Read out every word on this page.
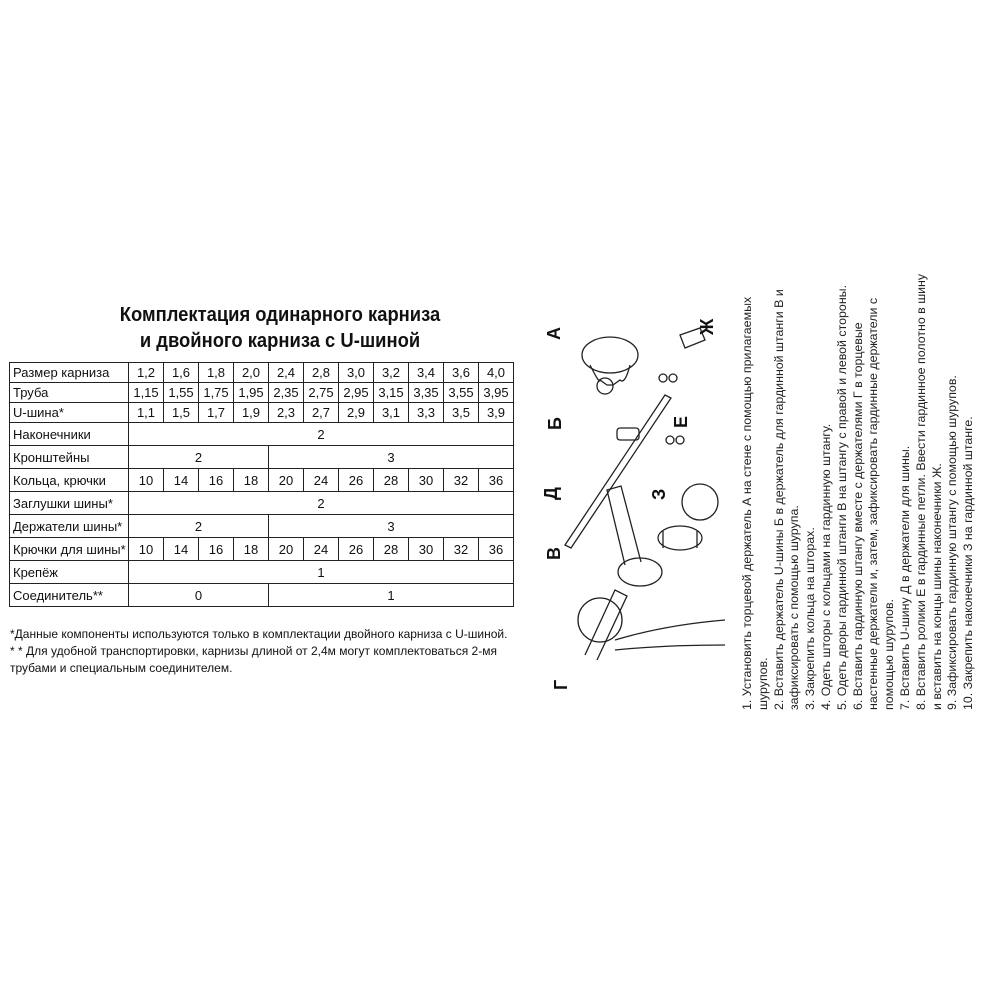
Комплектация одинарного карниза
и двойного карниза с U-шиной
Размер карниза	1,2	1,6	1,8	2,0	2,4	2,8	3,0	3,2	3,4	3,6	4,0
Труба	1,15	1,55	1,75	1,95	2,35	2,75	2,95	3,15	3,35	3,55	3,95
U-шина*	1,1	1,5	1,7	1,9	2,3	2,7	2,9	3,1	3,3	3,5	3,9
Наконечники	2										
Кронштейны	2				3						
Кольца, крючки	10	14	16	18	20	24	26	28	30	32	36
Заглушки шины*	2										
Держатели шины*	2				3						
Крючки для шины*	10	14	16	18	20	24	26	28	30	32	36
Крепёж	1										
Соединитель**	0				1						

*Данные компоненты используются только в комплектации двойного карниза с U-шиной.

* * Для удобной транспортировки, карнизы длиной от 2,4м могут комплектоваться 2-мя трубами и специальным соединителем.

А
Б
Д
В
Г
Ж
Е
З	1. Установить торцевой держатель А на стене с помощью прилагаемых шурупов. 2. Вставить держатель U-шины Б в держатель для гардинной штанги В и зафиксировать с помощью шурупа. 3. Закрепить кольца на шторах. 4. Одеть шторы с кольцами на гардинную штангу. 5. Одеть дворы гардинной штанги В на штангу с правой и левой стороны. 6. Вставить гардинную штангу вместе с держателями Г в торцевые настенные держатели и, затем, зафиксировать гардинные держатели с помощью шурупов. 7. Вставить U-шину Д в держатели для шины. 8. Вставить ролики Е в гардинные петли. Ввести гардинное полотно в шину и вставить на концы шины наконечники Ж. 9. Зафиксировать гардинную штангу с помощью шурупов. 10. Закрепить наконечники З на гардинной штанге.
